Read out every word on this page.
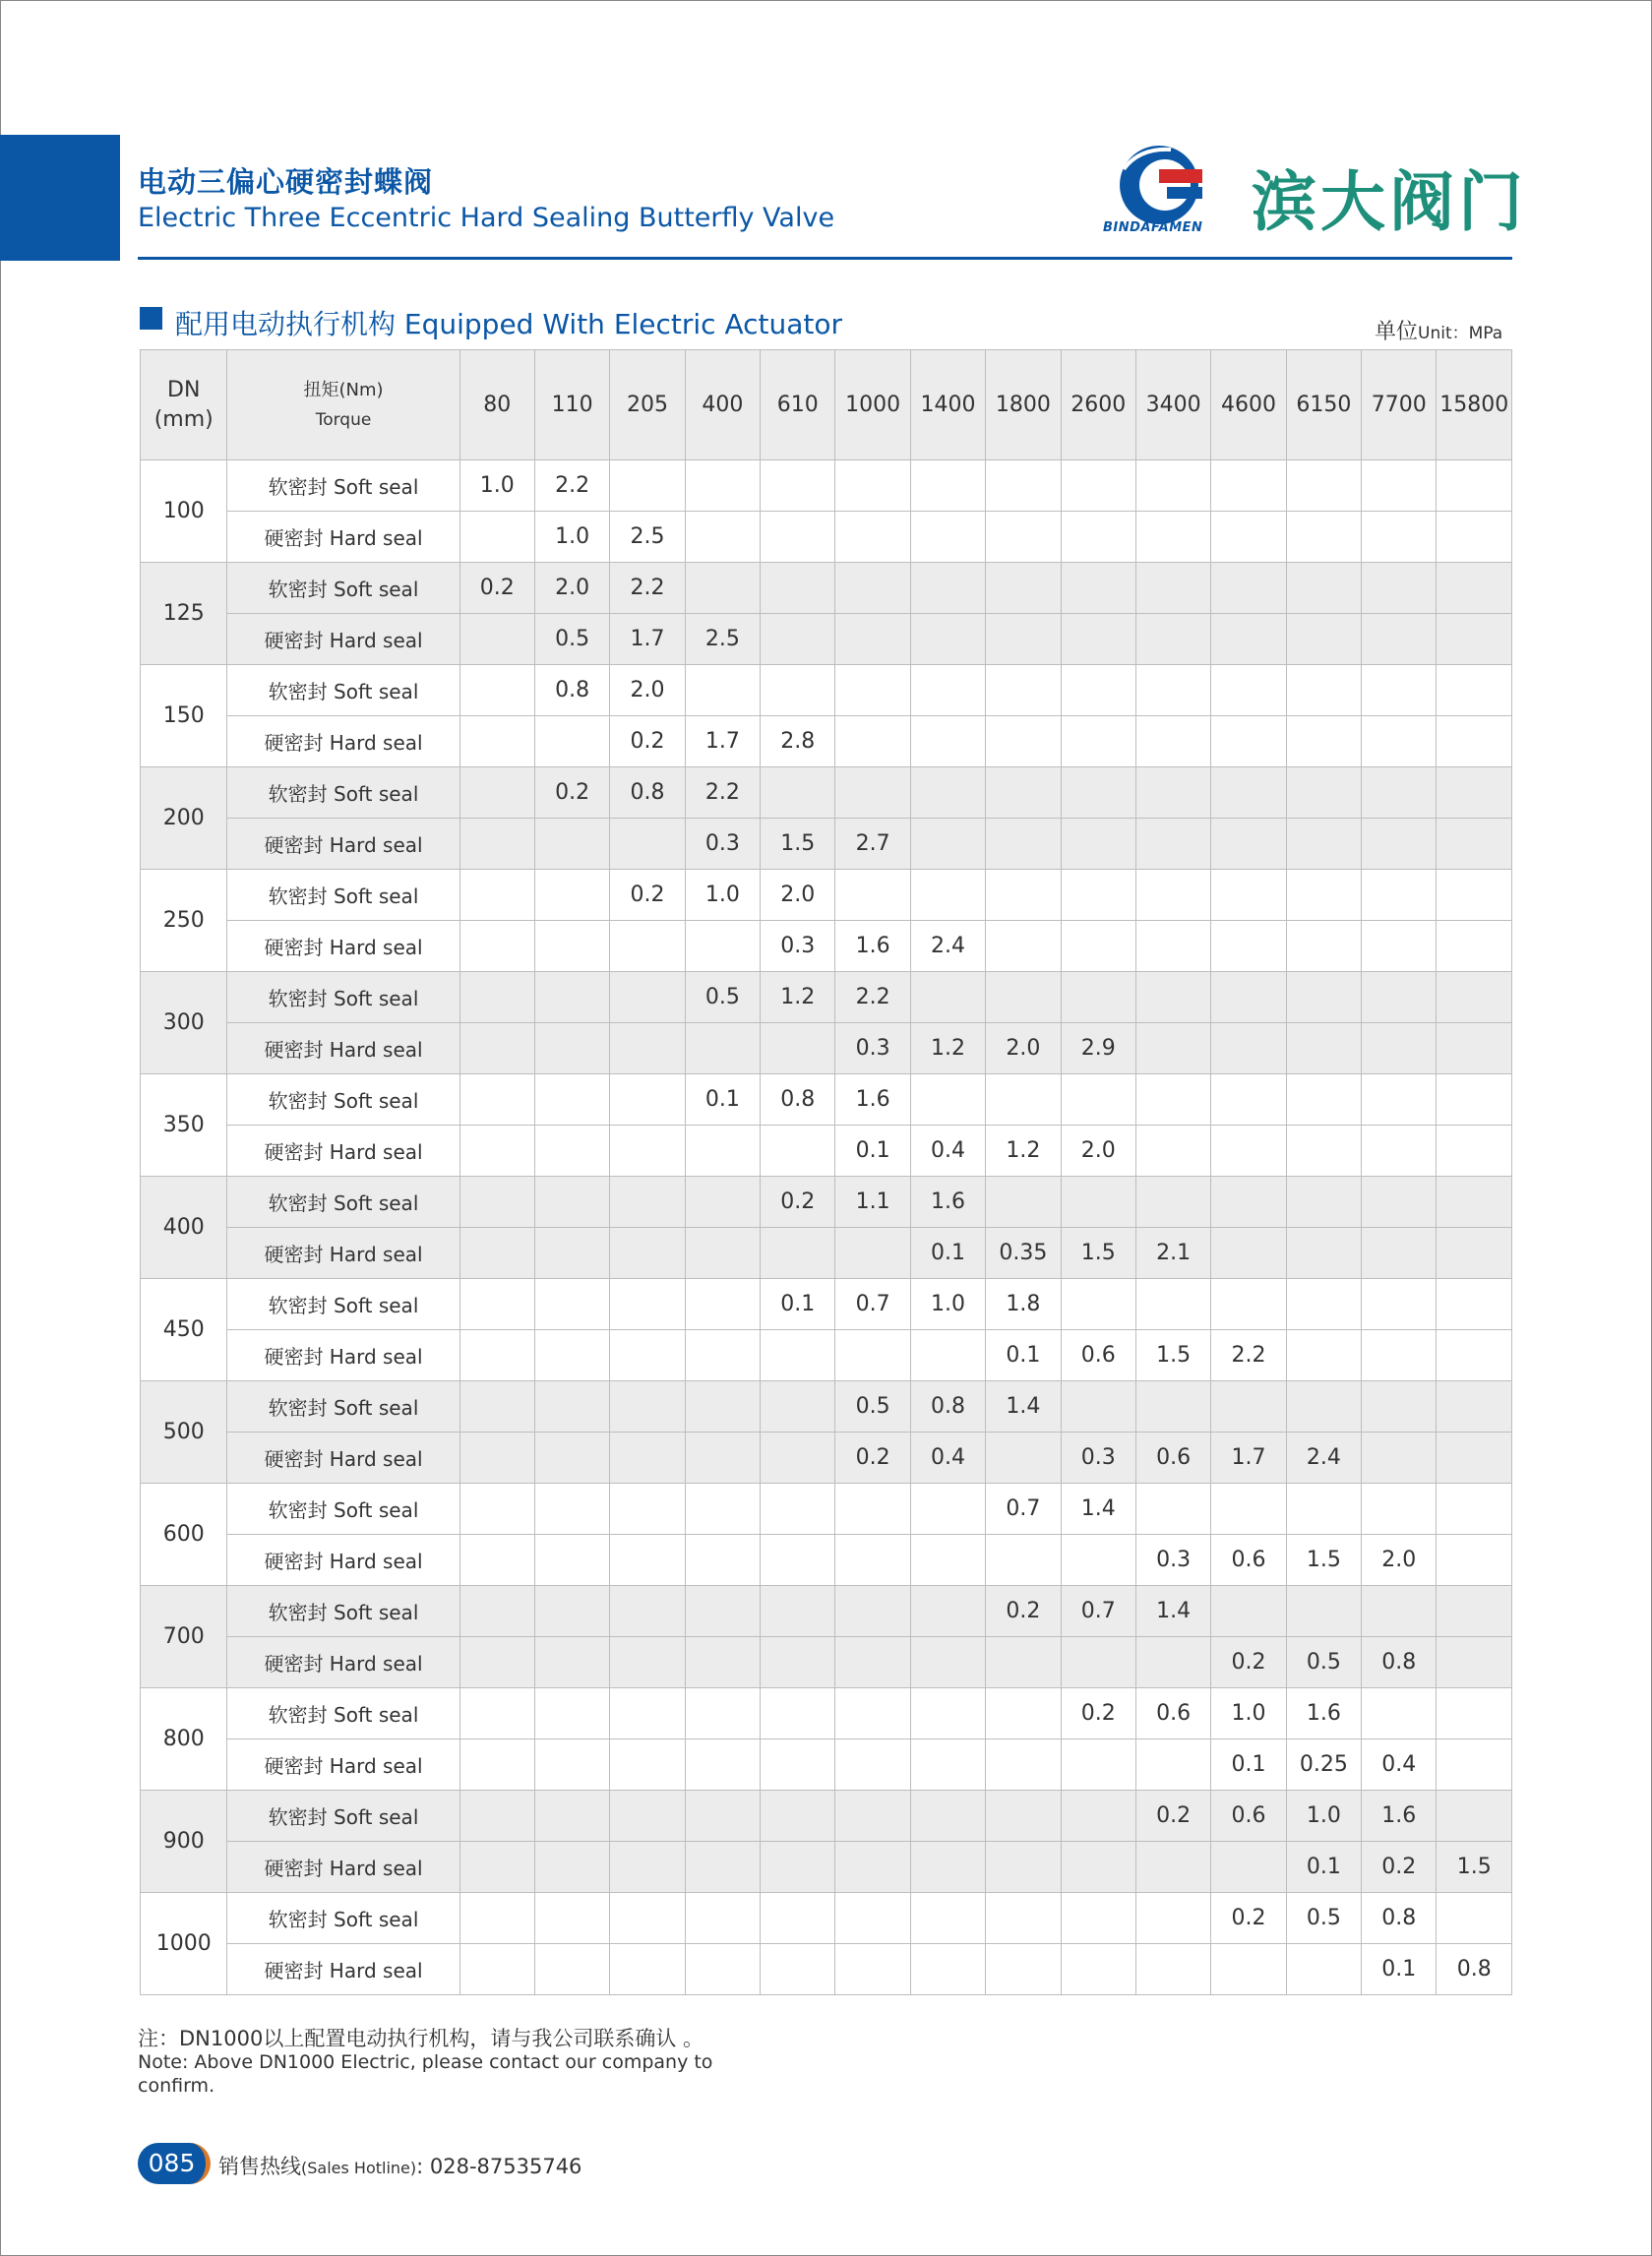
电动三偏心硬密封蝶阀
Electric Three Eccentric Hard Sealing Butterfly Valve	BINDAFAMEN 滨大阀门
配用电动执行机构 Equipped With Electric Actuator	单位Unit：MPa
DN
(mm)	扭矩(Nm)
Torque	80	110	205	400	610	1000	1400	1800	2600	3400	4600	6150	7700	15800
100	软密封 Soft seal	1.0	2.2												
	硬密封 Hard seal		1.0	2.5											
125	软密封 Soft seal	0.2	2.0	2.2											
	硬密封 Hard seal		0.5	1.7	2.5										
150	软密封 Soft seal		0.8	2.0											
	硬密封 Hard seal			0.2	1.7	2.8									
200	软密封 Soft seal		0.2	0.8	2.2										
	硬密封 Hard seal				0.3	1.5	2.7								
250	软密封 Soft seal			0.2	1.0	2.0									
	硬密封 Hard seal					0.3	1.6	2.4							
300	软密封 Soft seal				0.5	1.2	2.2								
	硬密封 Hard seal						0.3	1.2	2.0	2.9					
350	软密封 Soft seal				0.1	0.8	1.6								
	硬密封 Hard seal						0.1	0.4	1.2	2.0					
400	软密封 Soft seal					0.2	1.1	1.6							
	硬密封 Hard seal							0.1	0.35	1.5	2.1				
450	软密封 Soft seal					0.1	0.7	1.0	1.8						
	硬密封 Hard seal								0.1	0.6	1.5	2.2			
500	软密封 Soft seal						0.5	0.8	1.4						
	硬密封 Hard seal						0.2	0.4		0.3	0.6	1.7	2.4		
600	软密封 Soft seal								0.7	1.4					
	硬密封 Hard seal										0.3	0.6	1.5	2.0	
700	软密封 Soft seal								0.2	0.7	1.4				
	硬密封 Hard seal											0.2	0.5	0.8	
800	软密封 Soft seal									0.2	0.6	1.0	1.6		
	硬密封 Hard seal											0.1	0.25	0.4	
900	软密封 Soft seal										0.2	0.6	1.0	1.6	
	硬密封 Hard seal												0.1	0.2	1.5
1000	软密封 Soft seal											0.2	0.5	0.8	
	硬密封 Hard seal													0.1	0.8
注：DN1000以上配置电动执行机构，请与我公司联系确认 。
Note: Above DN1000 Electric, please contact our company to confirm.
085	销售热线(Sales Hotline): 028-87535746
